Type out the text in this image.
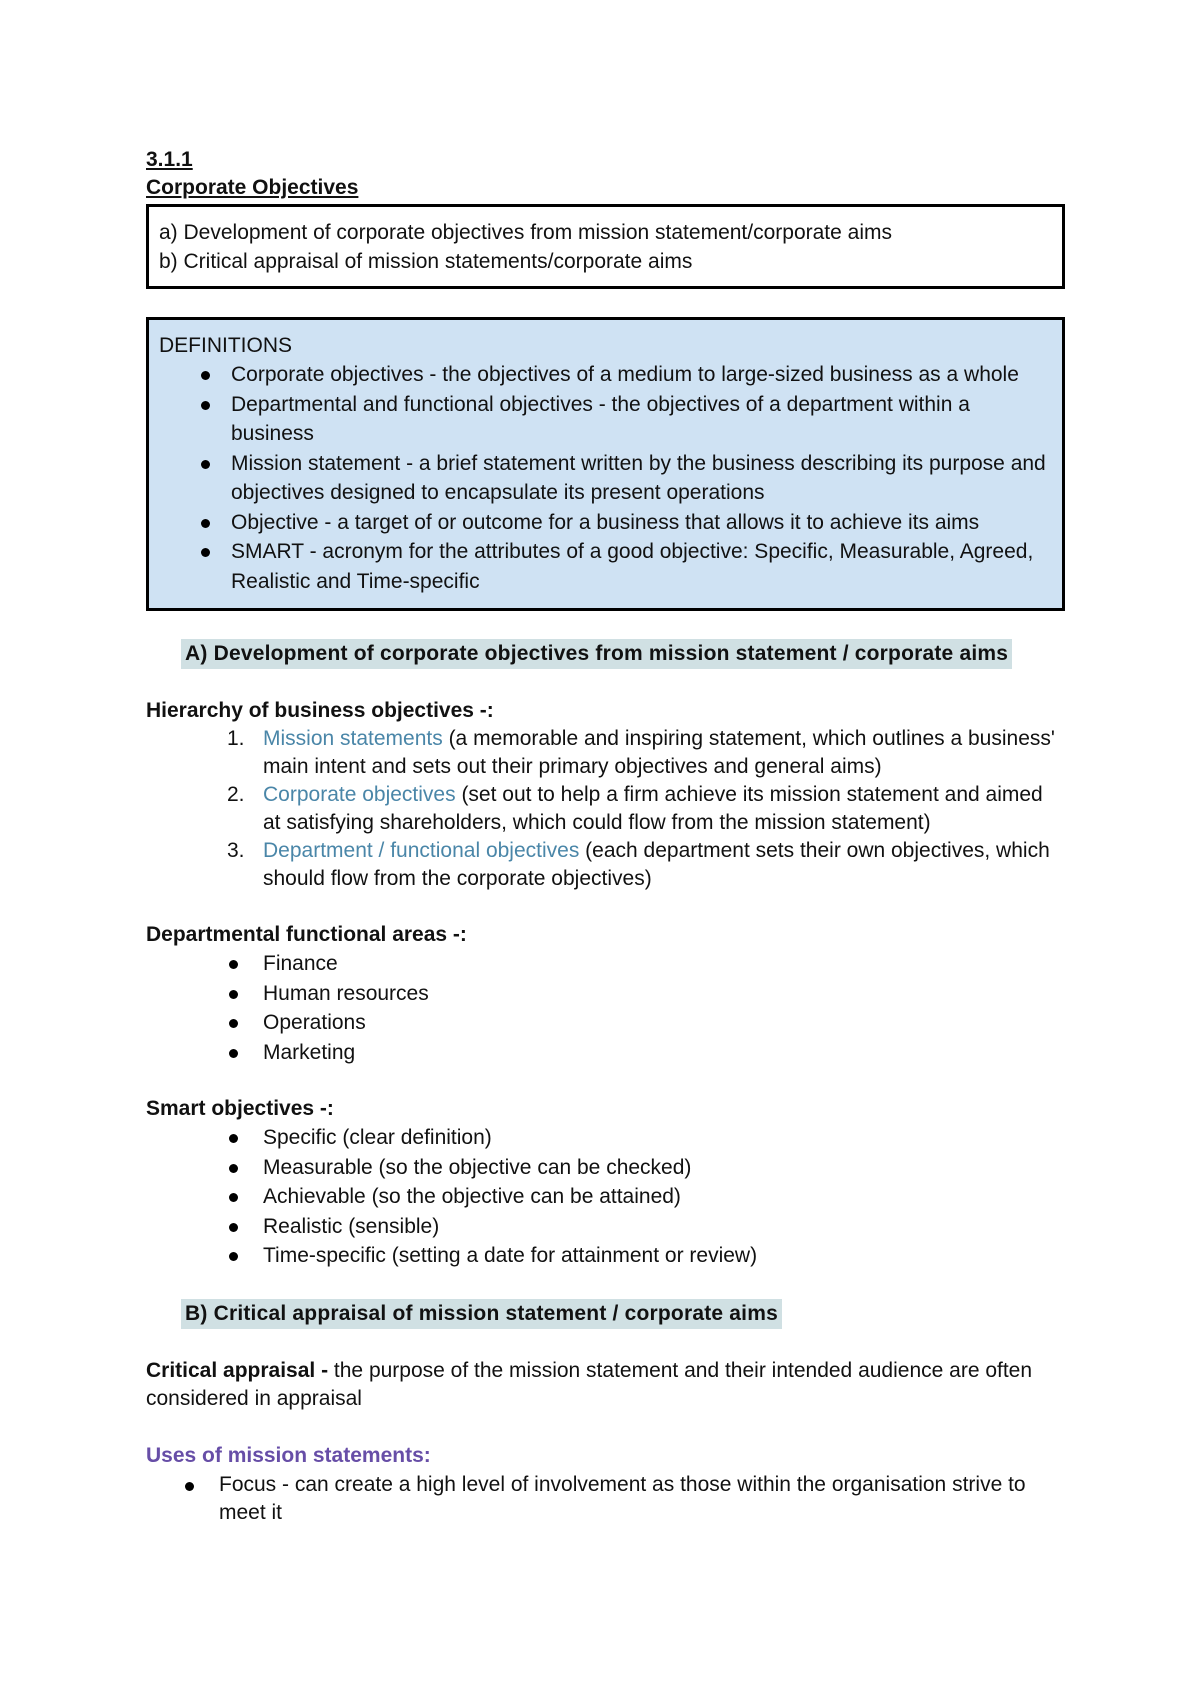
3.1.1
Corporate Objectives
a) Development of corporate objectives from mission statement/corporate aims
b) Critical appraisal of mission statements/corporate aims
DEFINITIONS
Corporate objectives - the objectives of a medium to large-sized business as a whole
Departmental and functional objectives - the objectives of a department within a business
Mission statement - a brief statement written by the business describing its purpose and objectives designed to encapsulate its present operations
Objective - a target of or outcome for a business that allows it to achieve its aims
SMART - acronym for the attributes of a good objective: Specific, Measurable, Agreed, Realistic and Time-specific
A) Development of corporate objectives from mission statement / corporate aims
Hierarchy of business objectives -:
1. Mission statements (a memorable and inspiring statement, which outlines a business' main intent and sets out their primary objectives and general aims)
2. Corporate objectives (set out to help a firm achieve its mission statement and aimed at satisfying shareholders, which could flow from the mission statement)
3. Department / functional objectives (each department sets their own objectives, which should flow from the corporate objectives)
Departmental functional areas -:
Finance
Human resources
Operations
Marketing
Smart objectives -:
Specific (clear definition)
Measurable (so the objective can be checked)
Achievable (so the objective can be attained)
Realistic (sensible)
Time-specific (setting a date for attainment or review)
B) Critical appraisal of mission statement / corporate aims
Critical appraisal - the purpose of the mission statement and their intended audience are often considered in appraisal
Uses of mission statements:
Focus - can create a high level of involvement as those within the organisation strive to meet it
